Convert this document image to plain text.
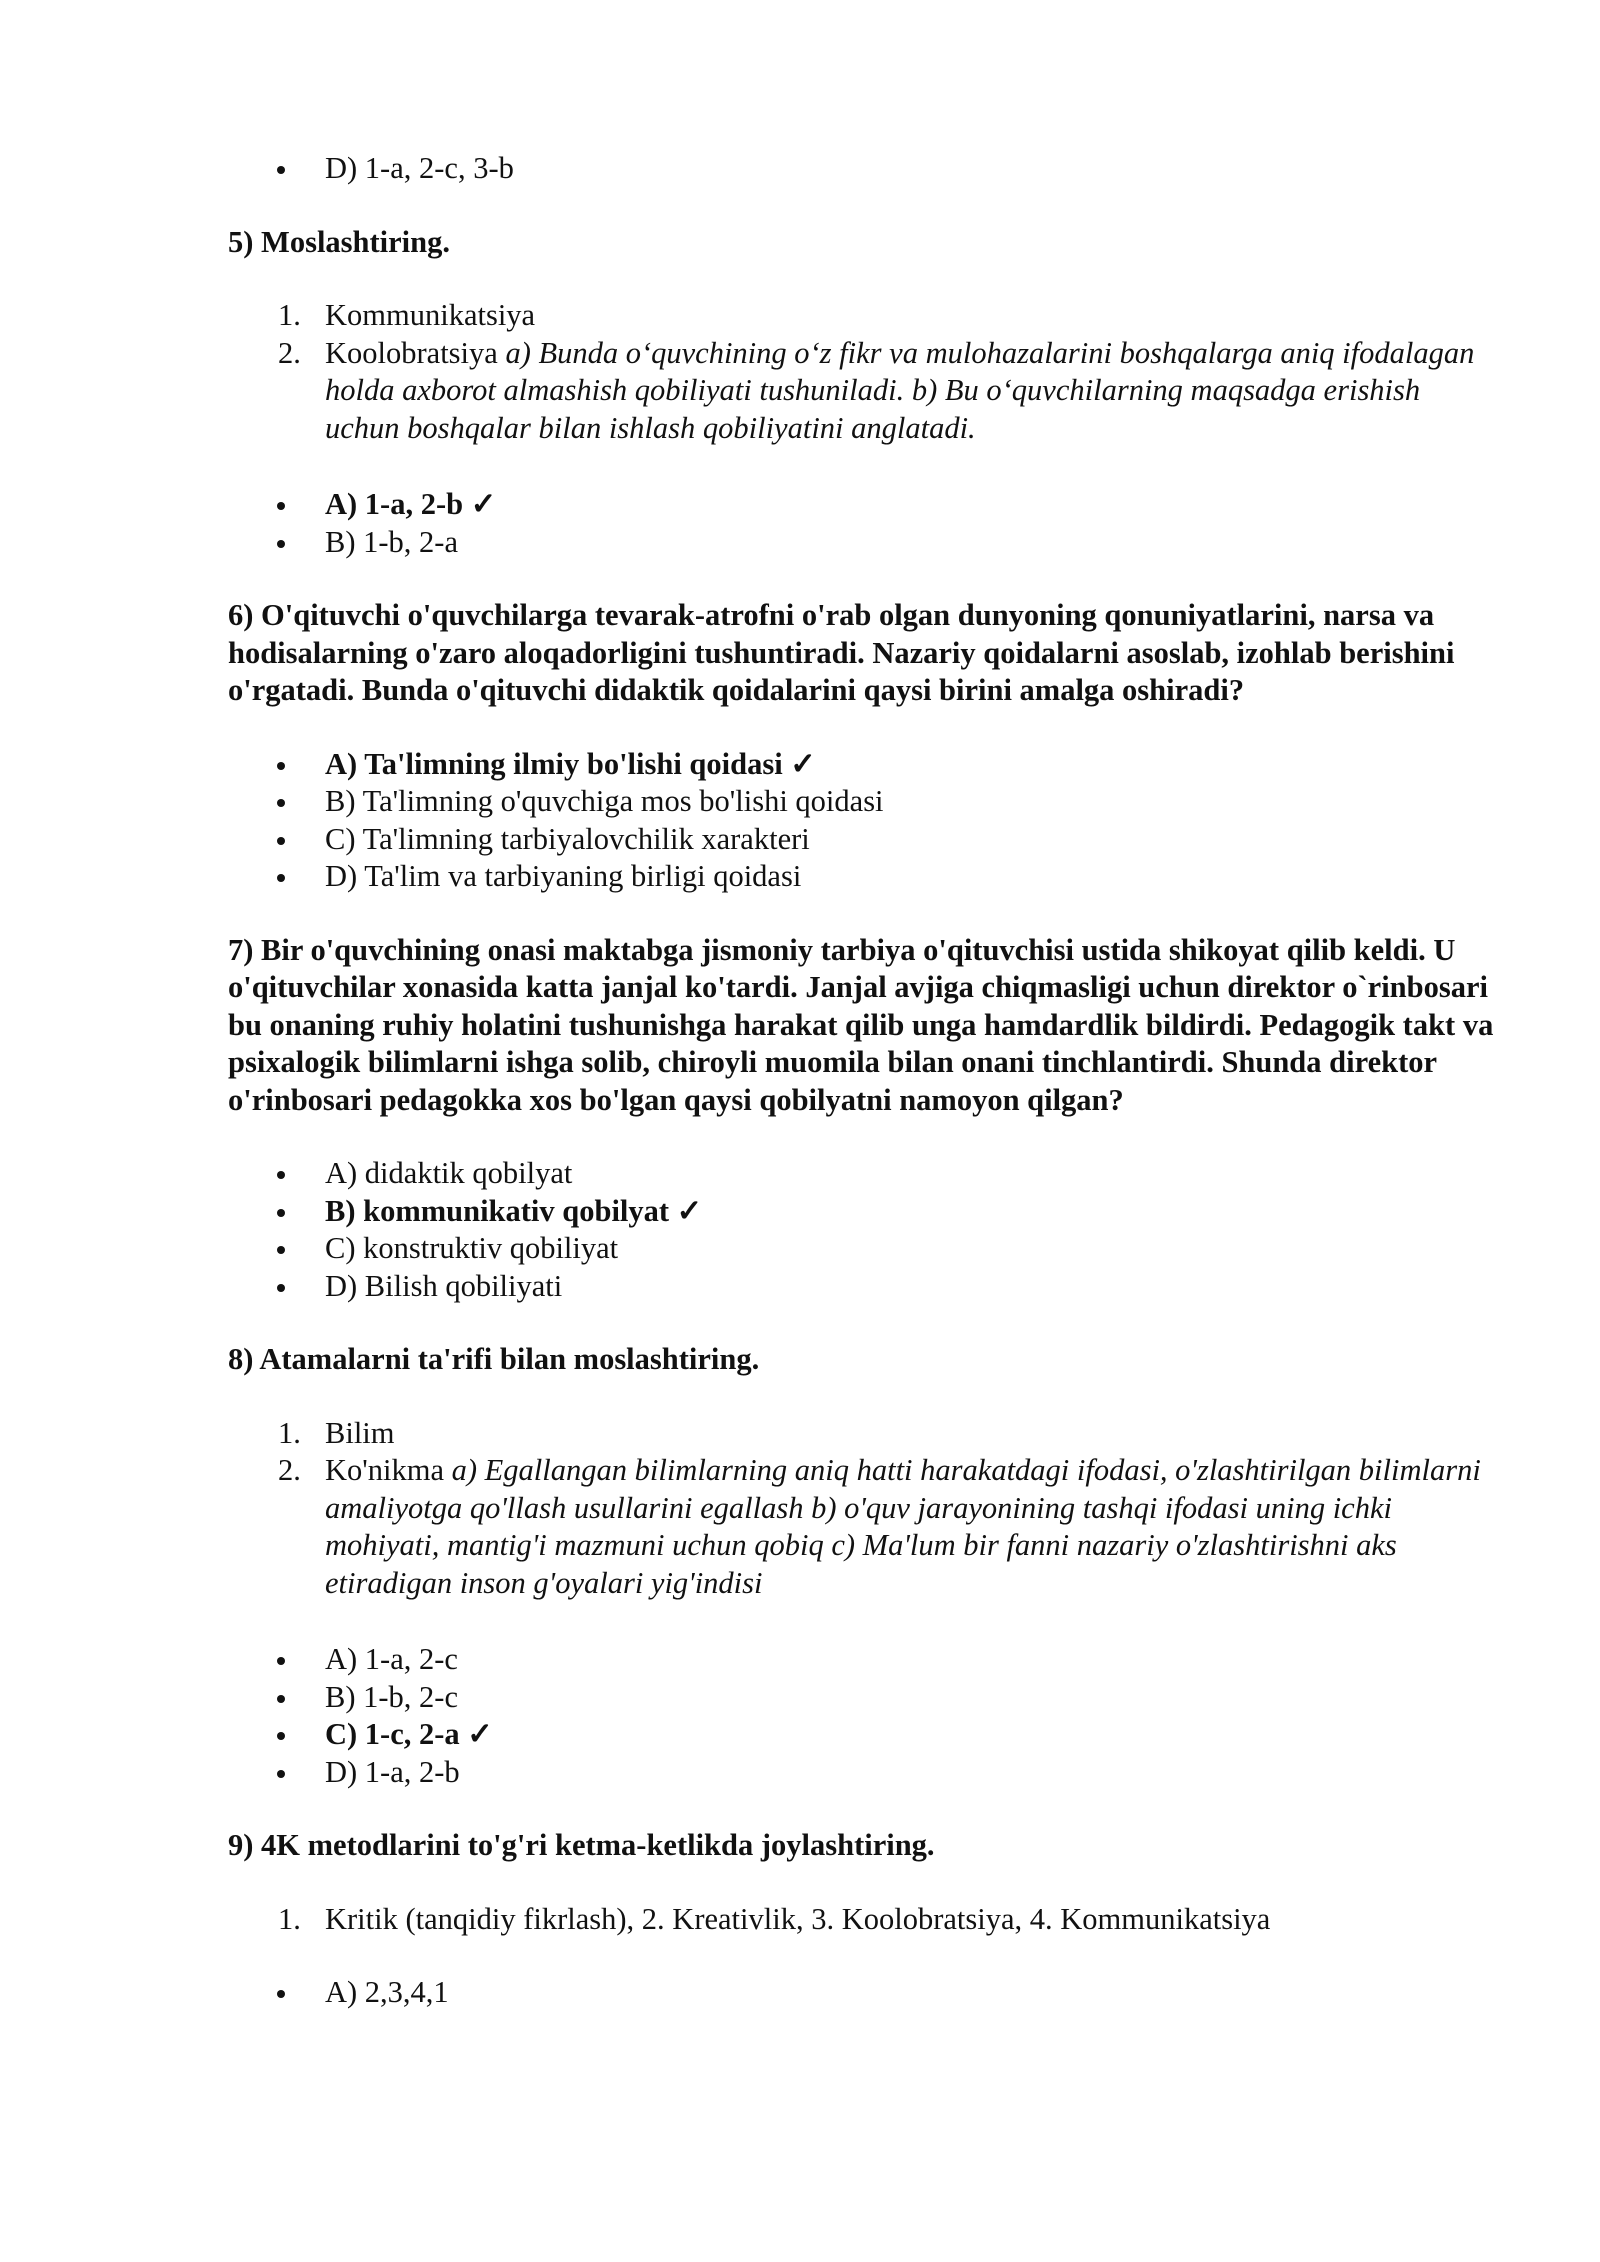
D) 1-a, 2-c, 3-b
5) Moslashtiring.
1. Kommunikatsiya
2. Koolobratsiya a) Bunda o‘quvchining o‘z fikr va mulohazalarini boshqalarga aniq ifodalagan holda axborot almashish qobiliyati tushuniladi. b) Bu o‘quvchilarning maqsadga erishish uchun boshqalar bilan ishlash qobiliyatini anglatadi.
A) 1-a, 2-b ✓
B) 1-b, 2-a
6) O'qituvchi o'quvchilarga tevarak-atrofni o'rab olgan dunyoning qonuniyatlarini, narsa va hodisalarning o'zaro aloqadorligini tushuntiradi. Nazariy qoidalarni asoslab, izohlab berishini o'rgatadi. Bunda o'qituvchi didaktik qoidalarini qaysi birini amalga oshiradi?
A) Ta'limning ilmiy bo'lishi qoidasi ✓
B) Ta'limning o'quvchiga mos bo'lishi qoidasi
C) Ta'limning tarbiyalovchilik xarakteri
D) Ta'lim va tarbiyaning birligi qoidasi
7) Bir o'quvchining onasi maktabga jismoniy tarbiya o'qituvchisi ustida shikoyat qilib keldi. U o'qituvchilar xonasida katta janjal ko'tardi. Janjal avjiga chiqmasligi uchun direktor o`rinbosari bu onaning ruhiy holatini tushunishga harakat qilib unga hamdardlik bildirdi. Pedagogik takt va psixalogik bilimlarni ishga solib, chiroyli muomila bilan onani tinchlantirdi. Shunda direktor o'rinbosari pedagokka xos bo'lgan qaysi qobilyatni namoyon qilgan?
A) didaktik qobilyat
B) kommunikativ qobilyat ✓
C) konstruktiv qobiliyat
D) Bilish qobiliyati
8) Atamalarni ta'rifi bilan moslashtiring.
1. Bilim
2. Ko'nikma a) Egallangan bilimlarning aniq hatti harakatdagi ifodasi, o'zlashtirilgan bilimlarni amaliyotga qo'llash usullarini egallash b) o'quv jarayonining tashqi ifodasi uning ichki mohiyati, mantig'i mazmuni uchun qobiq c) Ma'lum bir fanni nazariy o'zlashtirishni aks etiradigan inson g'oyalari yig'indisi
A) 1-a, 2-c
B) 1-b, 2-c
C) 1-c, 2-a ✓
D) 1-a, 2-b
9) 4K metodlarini to'g'ri ketma-ketlikda joylashtiring.
1. Kritik (tanqidiy fikrlash), 2. Kreativlik, 3. Koolobratsiya, 4. Kommunikatsiya
A) 2,3,4,1
